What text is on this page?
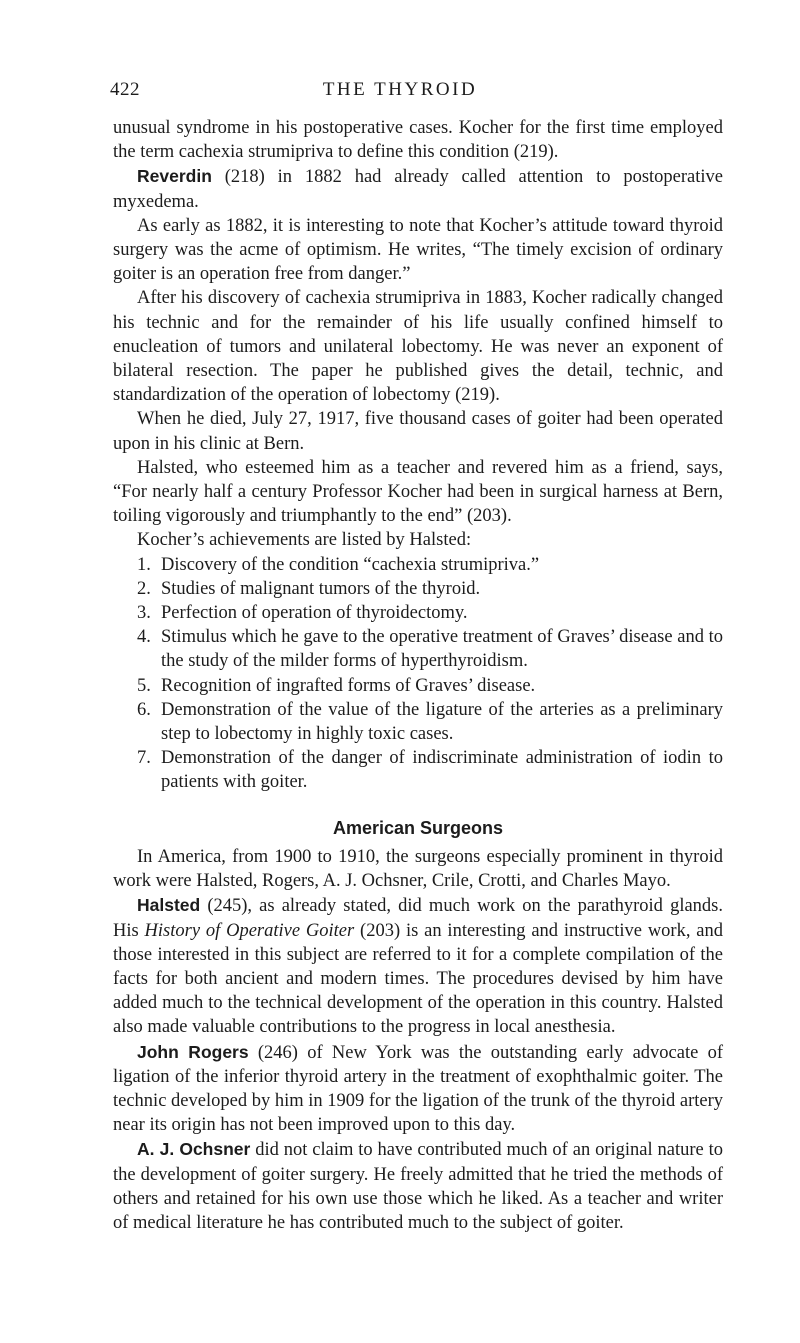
422	THE THYROID

unusual syndrome in his postoperative cases. Kocher for the first time employed the term cachexia strumipriva to define this condition (219).

Reverdin (218) in 1882 had already called attention to postoperative myxedema.

As early as 1882, it is interesting to note that Kocher’s attitude toward thyroid surgery was the acme of optimism. He writes, “The timely excision of ordinary goiter is an operation free from danger.”

After his discovery of cachexia strumipriva in 1883, Kocher radically changed his technic and for the remainder of his life usually confined himself to enucleation of tumors and unilateral lobectomy. He was never an exponent of bilateral resection. The paper he published gives the detail, technic, and standardization of the operation of lobectomy (219).

When he died, July 27, 1917, five thousand cases of goiter had been operated upon in his clinic at Bern.

Halsted, who esteemed him as a teacher and revered him as a friend, says, “For nearly half a century Professor Kocher had been in surgical harness at Bern, toiling vigorously and triumphantly to the end” (203).

Kocher’s achievements are listed by Halsted:

1. Discovery of the condition “cachexia strumipriva.”
2. Studies of malignant tumors of the thyroid.
3. Perfection of operation of thyroidectomy.
4. Stimulus which he gave to the operative treatment of Graves’ disease and to the study of the milder forms of hyperthyroidism.
5. Recognition of ingrafted forms of Graves’ disease.
6. Demonstration of the value of the ligature of the arteries as a preliminary step to lobectomy in highly toxic cases.
7. Demonstration of the danger of indiscriminate administration of iodin to patients with goiter.
American Surgeons

In America, from 1900 to 1910, the surgeons especially prominent in thyroid work were Halsted, Rogers, A. J. Ochsner, Crile, Crotti, and Charles Mayo.

Halsted (245), as already stated, did much work on the parathyroid glands. His History of Operative Goiter (203) is an interesting and instructive work, and those interested in this subject are referred to it for a complete compilation of the facts for both ancient and modern times. The procedures devised by him have added much to the technical development of the operation in this country. Halsted also made valuable contributions to the progress in local anesthesia.

John Rogers (246) of New York was the outstanding early advocate of ligation of the inferior thyroid artery in the treatment of exophthalmic goiter. The technic developed by him in 1909 for the ligation of the trunk of the thyroid artery near its origin has not been improved upon to this day.

A. J. Ochsner did not claim to have contributed much of an original nature to the development of goiter surgery. He freely admitted that he tried the methods of others and retained for his own use those which he liked. As a teacher and writer of medical literature he has contributed much to the subject of goiter.
